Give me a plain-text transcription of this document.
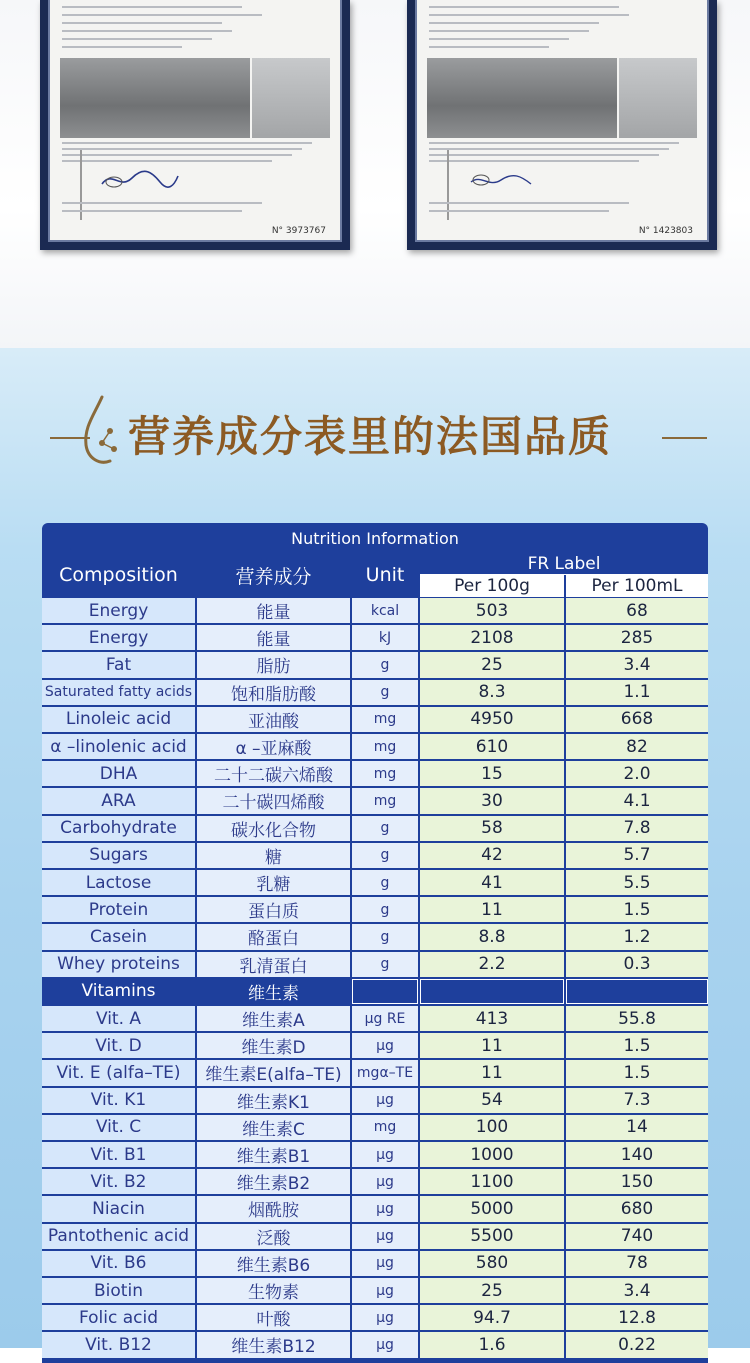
N° 3973767	N° 1423803
营养成分表里的法国品质
Nutrition Information
Composition	营养成分	Unit	FR Label
Per 100g	Per 100mL
Energy	能量	kcal	503	68
Energy	能量	kJ	2108	285
Fat	脂肪	g	25	3.4
Saturated fatty acids	饱和脂肪酸	g	8.3	1.1
Linoleic acid	亚油酸	mg	4950	668
α –linolenic acid	α –亚麻酸	mg	610	82
DHA	二十二碳六烯酸	mg	15	2.0
ARA	二十碳四烯酸	mg	30	4.1
Carbohydrate	碳水化合物	g	58	7.8
Sugars	糖	g	42	5.7
Lactose	乳糖	g	41	5.5
Protein	蛋白质	g	11	1.5
Casein	酪蛋白	g	8.8	1.2
Whey proteins	乳清蛋白	g	2.2	0.3
Vitamins	维生素
Vit. A	维生素A	μg RE	413	55.8
Vit. D	维生素D	μg	11	1.5
Vit. E (alfa–TE)	维生素E(alfa–TE)	mgα–TE	11	1.5
Vit. K1	维生素K1	μg	54	7.3
Vit. C	维生素C	mg	100	14
Vit. B1	维生素B1	μg	1000	140
Vit. B2	维生素B2	μg	1100	150
Niacin	烟酰胺	μg	5000	680
Pantothenic acid	泛酸	μg	5500	740
Vit. B6	维生素B6	μg	580	78
Biotin	生物素	μg	25	3.4
Folic acid	叶酸	μg	94.7	12.8
Vit. B12	维生素B12	μg	1.6	0.22
